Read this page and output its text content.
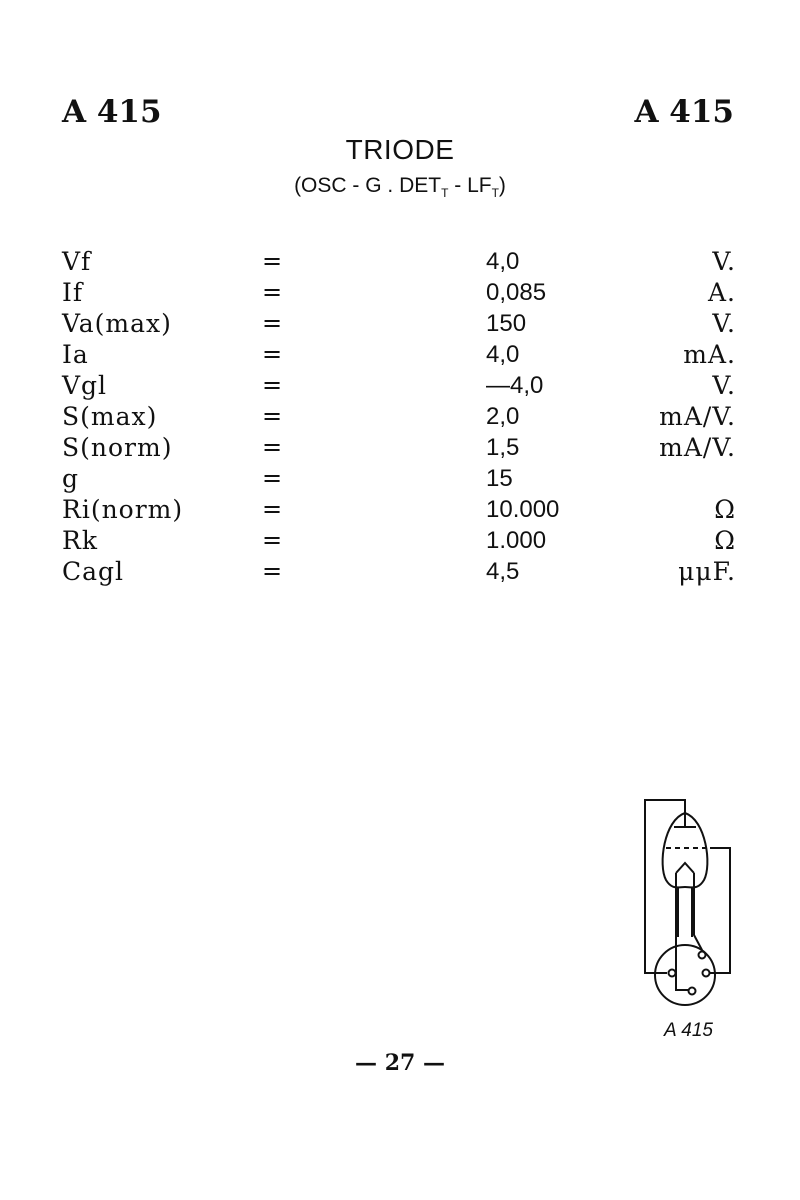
A 415	A 415
TRIODE
(OSC - G . $DET_T - LF_T$)
Vf	=	4,0	V.
If	=	0,085	A.
Va(max)	=	150	V.
Ia	=	4,0	mA.
Vgl	=	—4,0	V.
S(max)	=	2,0	mA/V.
S(norm)	=	1,5	mA/V.
g	=	15
Ri(norm)	=	10.000	Ω
Rk	=	1.000	Ω
Cagl	=	4,5	μμF.
A 415
— 27 —
